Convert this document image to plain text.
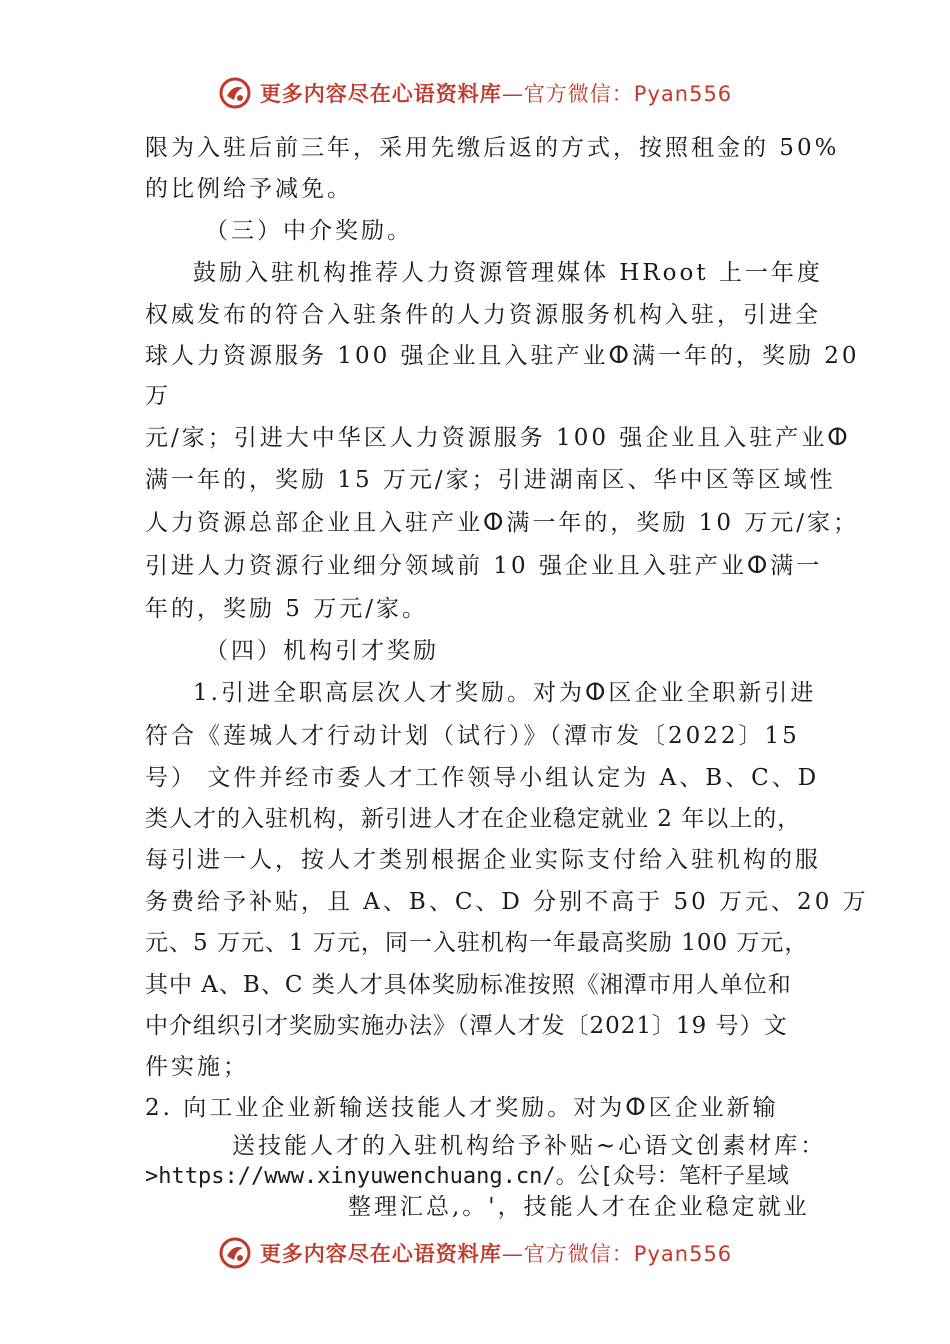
更多内容尽在心语资料库 —官方微信：Pyan556
限为入驻后前三年，采用先缴后返的方式，按照租金的 50%
的比例给予减免。
（三）中介奖励。
鼓励入驻机构推荐人力资源管理媒体 HRoot 上一年度
权威发布的符合入驻条件的人力资源服务机构入驻，引进全
球人力资源服务 100 强企业且入驻产业ⵀ满一年的，奖励 20
万
元/家；引进大中华区人力资源服务 100 强企业且入驻产业ⵀ
满一年的，奖励 15 万元/家；引进湖南区、华中区等区域性
人力资源总部企业且入驻产业ⵀ满一年的，奖励 10 万元/家；
引进人力资源行业细分领域前 10 强企业且入驻产业ⵀ满一
年的，奖励 5 万元/家。
（四）机构引才奖励
1.引进全职高层次人才奖励。对为ⵀ区企业全职新引进
符合《莲城人才行动计划（试行）》（潭市发〔2022〕15
号） 文件并经市委人才工作领导小组认定为 A、B、C、D
类人才的入驻机构，新引进人才在企业稳定就业 2 年以上的，
每引进一人，按人才类别根据企业实际支付给入驻机构的服
务费给予补贴，且 A、B、C、D 分别不高于 50 万元、20 万
元、5 万元、1 万元，同一入驻机构一年最高奖励 100 万元，
其中 A、B、C 类人才具体奖励标准按照《湘潭市用人单位和
中介组织引才奖励实施办法》（潭人才发〔2021〕19 号）文
件实施；
2. 向工业企业新输送技能人才奖励。对为ⵀ区企业新输
送技能人才的入驻机构给予补贴~心语文创素材库：
>https://www.xinyuwenchuang.cn/。公[众号：笔杆子星域
整理汇总,。'，技能人才在企业稳定就业
更多内容尽在心语资料库 —官方微信：Pyan556
